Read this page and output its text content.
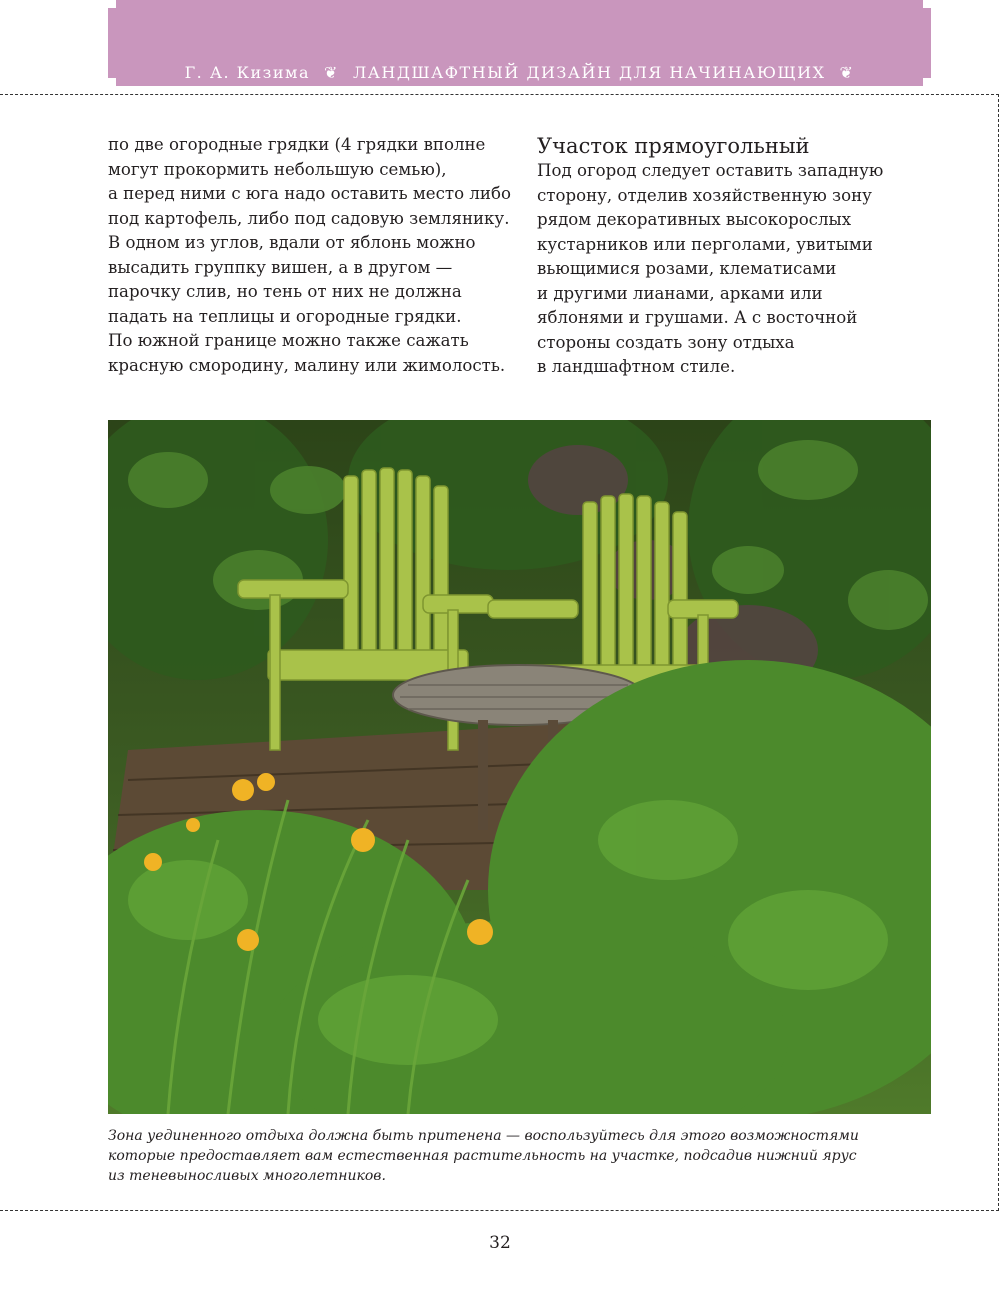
Г. А. Кизима ❦ ЛАНДШАФТНЫЙ ДИЗАЙН ДЛЯ НАЧИНАЮЩИХ ❦

по две огородные грядки (4 грядки вполне
могут прокормить небольшую семью),
а перед ними с юга надо оставить место либо
под картофель, либо под садовую землянику.
В одном из углов, вдали от яблонь можно
высадить группку вишен, а в другом —
парочку слив, но тень от них не должна
падать на теплицы и огородные грядки.
По южной границе можно также сажать
красную смородину, малину или жимолость.

Участок прямоугольный

Под огород следует оставить западную
сторону, отделив хозяйственную зону
рядом декоративных высокорослых
кустарников или перголами, увитыми
вьющимися розами, клематисами
и другими лианами, арками или
яблонями и грушами. А с восточной
стороны создать зону отдыха
в ландшафтном стиле.

Зона уединенного отдыха должна быть притенена — воспользуйтесь для этого возможностями
которые предоставляет вам естественная растительность на участке, подсадив нижний ярус
из теневыносливых многолетников.
32
